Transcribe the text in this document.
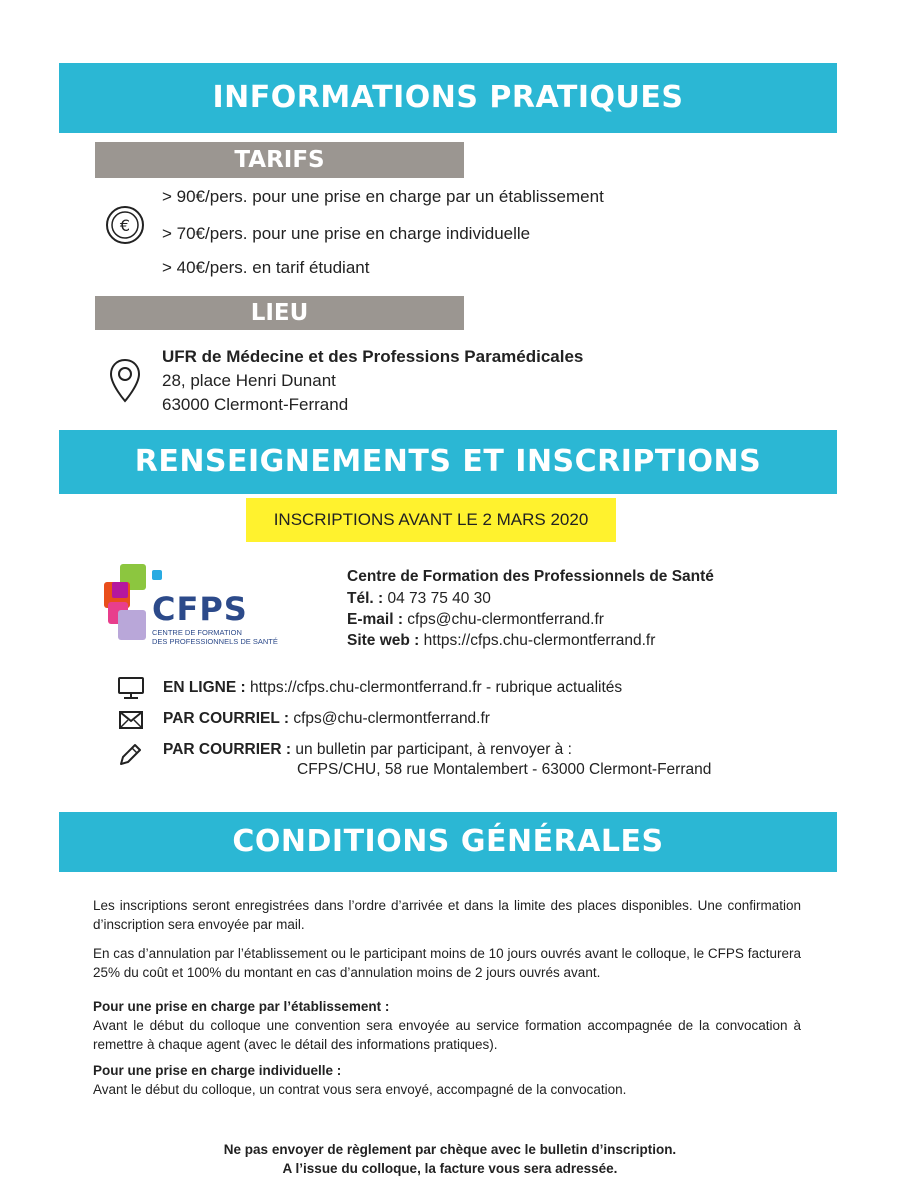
INFORMATIONS PRATIQUES
TARIFS
€
> 90€/pers. pour une prise en charge par un établissement
> 70€/pers. pour une prise en charge individuelle
> 40€/pers. en tarif étudiant
LIEU
UFR de Médecine et des Professions Paramédicales
28, place Henri Dunant
63000 Clermont-Ferrand
RENSEIGNEMENTS ET INSCRIPTIONS
INSCRIPTIONS AVANT LE 2 MARS 2020
CFPS
CENTRE DE FORMATION
DES PROFESSIONNELS DE SANTÉ
Centre de Formation des Professionnels de Santé
Tél. : 04 73 75 40 30
E-mail : cfps@chu-clermontferrand.fr
Site web : https://cfps.chu-clermontferrand.fr
EN LIGNE : https://cfps.chu-clermontferrand.fr - rubrique actualités
PAR COURRIEL : cfps@chu-clermontferrand.fr
PAR COURRIER : un bulletin par participant, à renvoyer à :
CFPS/CHU, 58 rue Montalembert - 63000 Clermont-Ferrand
CONDITIONS GÉNÉRALES
Les inscriptions seront enregistrées dans l’ordre d’arrivée et dans la limite des places disponibles. Une confirmation d’inscription sera envoyée par mail.
En cas d’annulation par l’établissement ou le participant moins de 10 jours ouvrés avant le colloque, le CFPS facturera 25% du coût et 100% du montant en cas d’annulation moins de 2 jours ouvrés avant.
Pour une prise en charge par l’établissement :
Avant le début du colloque une convention sera envoyée au service formation accompagnée de la convocation à remettre à chaque agent (avec le détail des informations pratiques).
Pour une prise en charge individuelle :
Avant le début du colloque, un contrat vous sera envoyé, accompagné de la convocation.
Ne pas envoyer de règlement par chèque avec le bulletin d’inscription.
A l’issue du colloque, la facture vous sera adressée.
